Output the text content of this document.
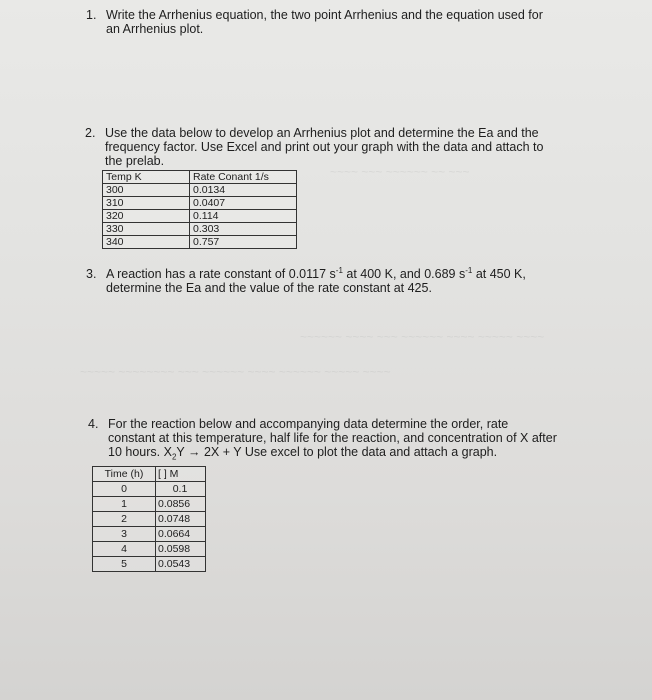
~~~~ ~~~ ~~~~~~ ~~ ~~~
~~~~~~ ~~~~ ~~~ ~~~~~~ ~~~~ ~~~~~ ~~~~
~~~~~ ~~~~~~~~ ~~~ ~~~~~~ ~~~~ ~~~~~~ ~~~~~ ~~~~
1. Write the Arrhenius equation, the two point Arrhenius and the equation used for
an Arrhenius plot.
2. Use the data below to develop an Arrhenius plot and determine the Ea and the
frequency factor. Use Excel and print out your graph with the data and attach to
the prelab.
Temp K	Rate Conant 1/s
300	0.0134
310	0.0407
320	0.114
330	0.303
340	0.757
3. A reaction has a rate constant of 0.0117 $s^{-1}$ at 400 K, and 0.689 $s^{-1}$ at 450 K,
determine the Ea and the value of the rate constant at 425.
4. For the reaction below and accompanying data determine the order, rate
constant at this temperature, half life for the reaction, and concentration of X after
10 hours. $X_2Y \to 2X + Y$ Use excel to plot the data and attach a graph.
Time (h)	[ ] M
0	0.1
1	0.0856
2	0.0748
3	0.0664
4	0.0598
5	0.0543
